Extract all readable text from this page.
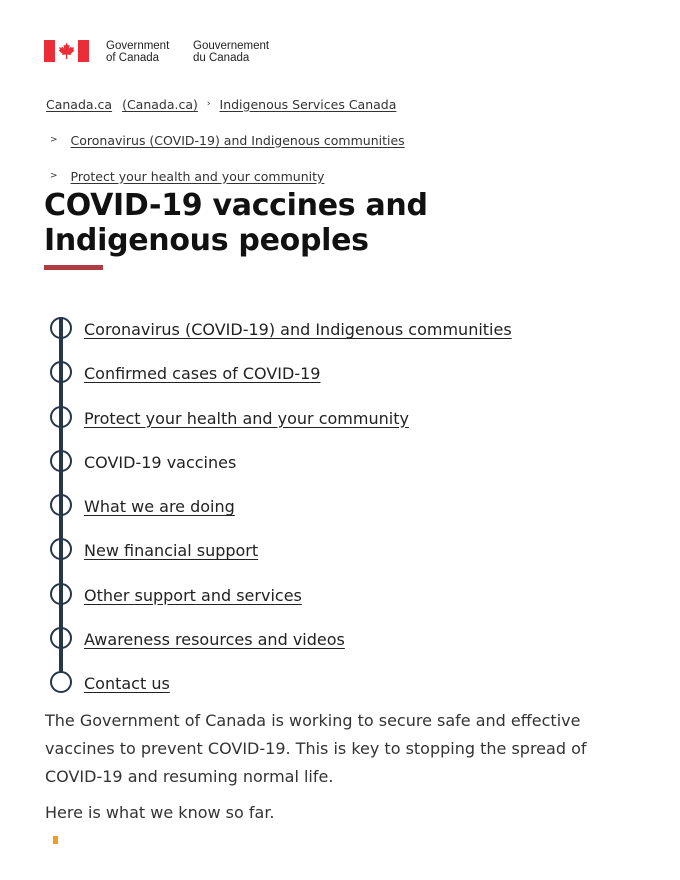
Government
of Canada
Gouvernement
du Canada
Canada.ca (Canada.ca) › Indigenous Services Canada
> Coronavirus (COVID-19) and Indigenous communities
> Protect your health and your community
COVID-19 vaccines and Indigenous peoples
Coronavirus (COVID-19) and Indigenous communities
Confirmed cases of COVID-19
Protect your health and your community
COVID-19 vaccines
What we are doing
New financial support
Other support and services
Awareness resources and videos
Contact us

The Government of Canada is working to secure safe and effective vaccines to prevent COVID-19. This is key to stopping the spread of COVID-19 and resuming normal life.

Here is what we know so far.
